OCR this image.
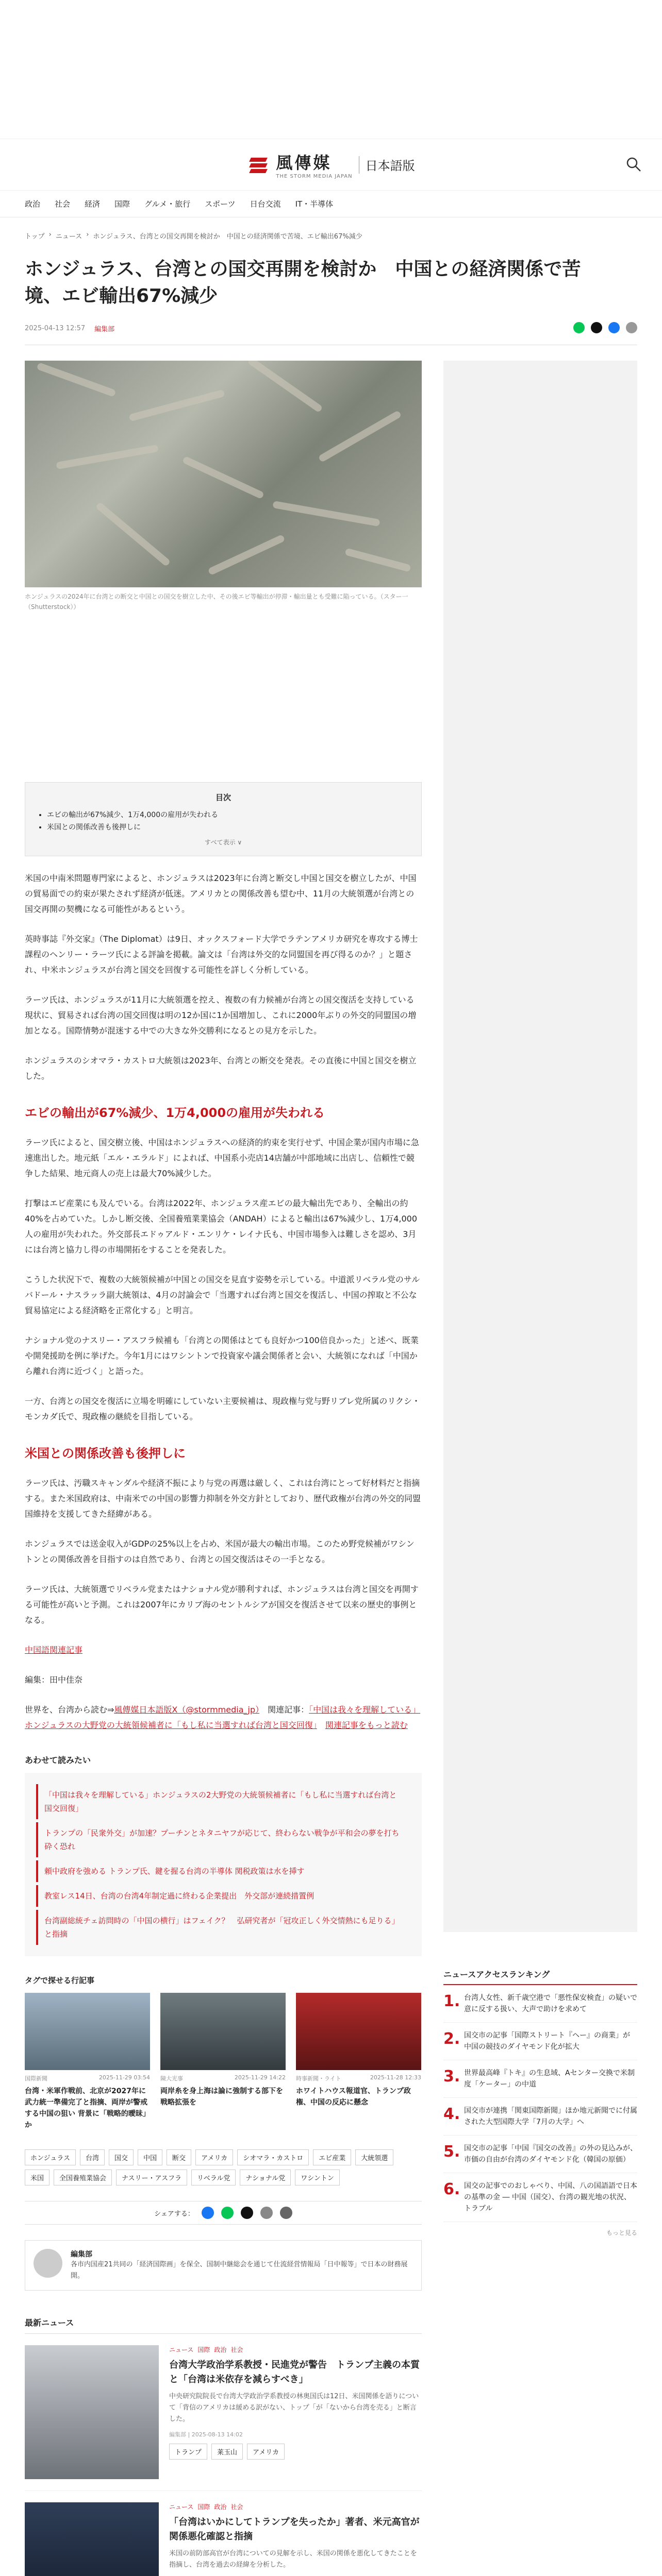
風傳媒
THE STORM MEDIA JAPAN
日本語版
政治 社会 経済 国際 グルメ・旅行 スポーツ 日台交流 IT・半導体
トップ › ニュース › ホンジュラス、台湾との国交再開を検討か　中国との経済関係で苦境、エビ輸出67%減少
ホンジュラス、台湾との国交再開を検討か　中国との経済関係で苦境、エビ輸出67%減少
2025-04-13 12:57 編集部
ホンジュラスの2024年に台湾との断交と中国との国交を樹立した中、その後エビ等輸出が停滞・輸出量とも受難に陥っている。（スター一（Shutterstock））
目次
• エビの輸出が67%減少、1万4,000の雇用が失われる
• 米国との関係改善も後押しに
すべて表示 ∨

米国の中南米問題専門家によると、ホンジュラスは2023年に台湾と断交し中国と国交を樹立したが、中国の貿易面での約束が果たされず経済が低迷。アメリカとの関係改善も望む中、11月の大統領選が台湾との国交再開の契機になる可能性があるという。

英時事誌『外交家』（The Diplomat）は9日、オックスフォード大学でラテンアメリカ研究を専攻する博士課程のヘンリー・ラーツ氏による評論を掲載。論文は「台湾は外交的な同盟国を再び得るのか？」と題され、中米ホンジュラスが台湾と国交を回復する可能性を詳しく分析している。

ラーツ氏は、ホンジュラスが11月に大統領選を控え、複数の有力候補が台湾との国交復活を支持している現状に、貿易されば台湾の国交回復は明の12か国に1か国増加し、これに2000年ぶりの外交的同盟国の増加となる。国際情勢が混迷する中での大きな外交勝利になるとの見方を示した。

ホンジュラスのシオマラ・カストロ大統領は2023年、台湾との断交を発表。その直後に中国と国交を樹立した。

エビの輸出が67%減少、1万4,000の雇用が失われる

ラーツ氏によると、国交樹立後、中国はホンジュラスへの経済的約束を実行せず、中国企業が国内市場に急速進出した。地元紙「エル・エラルド」によれば、中国系小売店14店舗が中部地域に出店し、信頼性で競争した結果、地元商人の売上は最大70%減少した。

打撃はエビ産業にも及んでいる。台湾は2022年、ホンジュラス産エビの最大輸出先であり、全輸出の約40%を占めていた。しかし断交後、全国養殖業業協会（ANDAH）によると輸出は67%減少し、1万4,000人の雇用が失われた。外交部長エドゥアルド・エンリケ・レイナ氏も、中国市場参入は難しさを認め、3月には台湾と協力し得の市場開拓をすることを発表した。

こうした状況下で、複数の大統領候補が中国との国交を見直す姿勢を示している。中道派リベラル党のサルバドール・ナスラッラ副大統領は、4月の討論会で「当選すれば台湾と国交を復活し、中国の搾取と不公な貿易協定による経済略を正常化する」と明言。

ナショナル党のナスリー・アスフラ候補も「台湾との関係はとても良好かつ100倍良かった」と述べ、既業や開発援助を例に挙げた。今年1月にはワシントンで投資家や議会関係者と会い、大統領になれば「中国から離れ台湾に近づく」と語った。

一方、台湾との国交を復活に立場を明確にしていない主要候補は、現政権与党与野リブレ党所属のリクシ・モンカダ氏で、現政権の継続を目指している。

米国との関係改善も後押しに

ラーツ氏は、汚職スキャンダルや経済不振により与党の再選は厳しく、これは台湾にとって好材料だと指摘する。また米国政府は、中南米での中国の影響力抑制を外交方針としており、歴代政権が台湾の外交的同盟国維持を支援してきた経緯がある。

ホンジュラスでは送金収入がGDPの25%以上を占め、米国が最大の輸出市場。このため野党候補がワシントンとの関係改善を目指すのは自然であり、台湾との国交復活はその一手となる。

ラーツ氏は、大統領選でリベラル党またはナショナル党が勝利すれば、ホンジュラスは台湾と国交を再開する可能性が高いと予測。これは2007年にカリブ海のセントルシアが国交を復活させて以来の歴史的事例となる。

中国語関連記事

編集：田中佳奈

世界を、台湾から読む⇒風傳媒日本語版X（@stormmedia_jp）　関連記事：「中国は我々を理解している」ホンジュラスの大野党の大統領候補者に「もし私に当選すれば台湾と国交回復」　 関連記事をもっと読む

あわせて読みたい
「中国は我々を理解している」ホンジュラスの2大野党の大統領候補者に「もし私に当選すれば台湾と国交回復」
トランプの「民衆外交」が加速？プーチンとネタニヤフが応じて、終わらない戦争が平和会の夢を打ち砕く恐れ
頼中政府を強める トランプ氏、鍵を握る台湾の半導体 関税政策は水を挿す
教室レス14日、台湾の台湾4年制定過に終わる企業提出　外交部が連続措置例
台湾副総統チェ訪問時の「中国の横行」はフェイク？　弘研究者が「冠攻正しく外交情熱にも足りる」と指摘
タグで探せる行記事
国際新聞	2025-11-29 03:54
台湾・米軍作戦前、北京が2027年に武力統一準備完了と指摘、両岸が警戒する中国の狙い 背景に「戦略的曖昧」か
陳大光事	2025-11-29 14:22
両岸糸を身上海は論に強制する部下を戦略拡張を
時事新聞・ライト	2025-11-28 12:33
ホワイトハウス報道官、トランプ政権、中国の反応に懸念
ホンジュラス	台湾	国交	中国	断交	アメリカ	シオマラ・カストロ	エビ産業	大統領選
米国	全国養殖業協会	ナスリー・アスフラ	リベラル党	ナショナル党	ワシントン
シェアする：
編集部
各市内国産21共同の「経済国際画」を保全、国制中継総会を通じて仕流経営情報局「日中報等」で日本の財務展開。
最新ニュース
ニュース 国際 政治 社会
台湾大学政治学系教授・民進党が警告　トランプ主義の本質と「台湾は米依存を減らすべき」
中央研究院院長で台湾大学政治学系教授の林奥国氏は12日、米国関係を語りについて「背信のアメリカは緩める訳がない、トップ「が「ないから台湾を売る」と断言した。
編集部 | 2025-08-13 14:02
トランプ	莱玉山	アメリカ
ニュース 国際 政治 社会
「台湾はいかにしてトランプを失ったか」著者、米元高官が関係悪化確認と指摘
米国の前防部高官が台湾についての見解を示し、米国の関係を悪化してきたことを指摘し、台湾を過去の経緯を分析した。
ニュースアクセスランキング
1. 台湾人女性、新千歳空港で「悪性保安検査」の疑いで意に反する扱い、大声で助けを求めて
2. 国交市の記事「国際ストリート『ヘー』の商業」が　中国の競技のダイヤモンド化が拡大
3. 世界最高峰『トキ』の生息域、Aセンター交換で米制度「ケーター」の中道
4. 国交市が連携「関東国際新聞」ほか地元新聞でに付属された大型国際大学「7月の大学」へ
5. 国交市の記事「中国『国交の改善』の外の見込みが、市価の自由が台湾のダイヤモンド化（韓国の原価）
6. 国交の記事でのおしゃべり、中国、八の国語語で日本の基準の金 ― 中国（国交）、台湾の観光地の状況、トラブル
もっと見る
